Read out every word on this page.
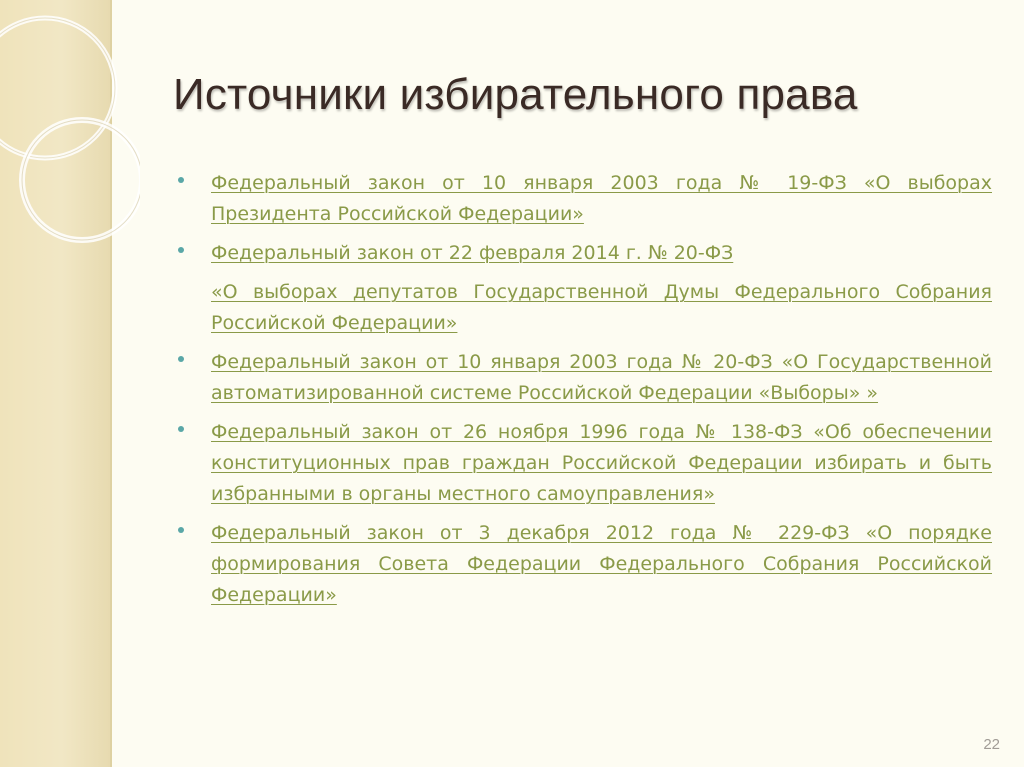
Источники избирательного права
Федеральный закон от 10 января 2003 года № 19-ФЗ «О выборах Президента Российской Федерации»
Федеральный закон от 22 февраля 2014 г. № 20-ФЗ
«О выборах депутатов Государственной Думы Федерального Собрания Российской Федерации»
Федеральный закон от 10 января 2003 года № 20-ФЗ «О Государственной автоматизированной системе Российской Федерации «Выборы» »
Федеральный закон от 26 ноября 1996 года № 138-ФЗ «Об обеспечении конституционных прав граждан Российской Федерации избирать и быть избранными в органы местного самоуправления»
Федеральный закон от 3 декабря 2012 года № 229-ФЗ «О порядке формирования Совета Федерации Федерального Собрания Российской Федерации»
22
